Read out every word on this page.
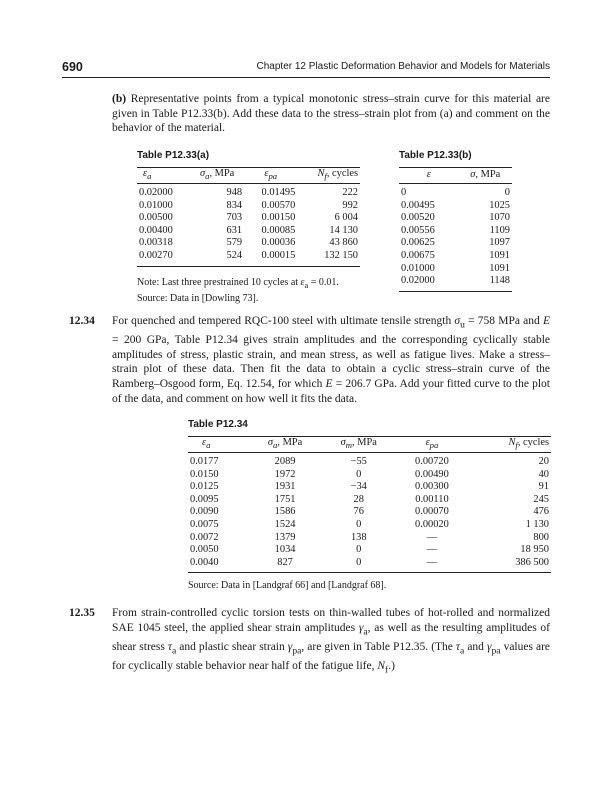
690	Chapter 12 Plastic Deformation Behavior and Models for Materials

(b) Representative points from a typical monotonic stress–strain curve for this material are given in Table P12.33(b). Add these data to the stress–strain plot from (a) and comment on the behavior of the material.

Table P12.33(a)	Table P12.33(b)
$\varepsilon_a$	$\sigma_a$, MPa	$\varepsilon_{pa}$	$N_f$, cycles
0.02000	948	0.01495	222
0.01000	834	0.00570	992
0.00500	703	0.00150	6 004
0.00400	631	0.00085	14 130
0.00318	579	0.00036	43 860
0.00270	524	0.00015	132 150
Note: Last three prestrained 10 cycles at $\varepsilon_a = 0.01$.
Source: Data in [Dowling 73].
ε	σ, MPa
0	0
0.00495	1025
0.00520	1070
0.00556	1109
0.00625	1097
0.00675	1091
0.01000	1091
0.02000	1148
12.34 For quenched and tempered RQC-100 steel with ultimate tensile strength $\sigma_u = 758$ MPa and E = 200 GPa, Table P12.34 gives strain amplitudes and the corresponding cyclically stable amplitudes of stress, plastic strain, and mean stress, as well as fatigue lives. Make a stress–strain plot of these data. Then fit the data to obtain a cyclic stress–strain curve of the Ramberg–Osgood form, Eq. 12.54, for which E = 206.7 GPa. Add your fitted curve to the plot of the data, and comment on how well it fits the data.

Table P12.34
$\varepsilon_a$	$\sigma_a$, MPa	$\sigma_m$, MPa	$\varepsilon_{pa}$	$N_f$, cycles
0.0177	2089	−55	0.00720	20
0.0150	1972	0	0.00490	40
0.0125	1931	−34	0.00300	91
0.0095	1751	28	0.00110	245
0.0090	1586	76	0.00070	476
0.0075	1524	0	0.00020	1 130
0.0072	1379	138	—	800
0.0050	1034	0	—	18 950
0.0040	827	0	—	386 500
Source: Data in [Landgraf 66] and [Landgraf 68].
12.35 From strain-controlled cyclic torsion tests on thin-walled tubes of hot-rolled and normalized SAE 1045 steel, the applied shear strain amplitudes $\gamma_a$, as well as the resulting amplitudes of shear stress $\tau_a$ and plastic shear strain $\gamma_{pa}$, are given in Table P12.35. (The $\tau_a$ and $\gamma_{pa}$ values are for cyclically stable behavior near half of the fatigue life, $N_f$.)
